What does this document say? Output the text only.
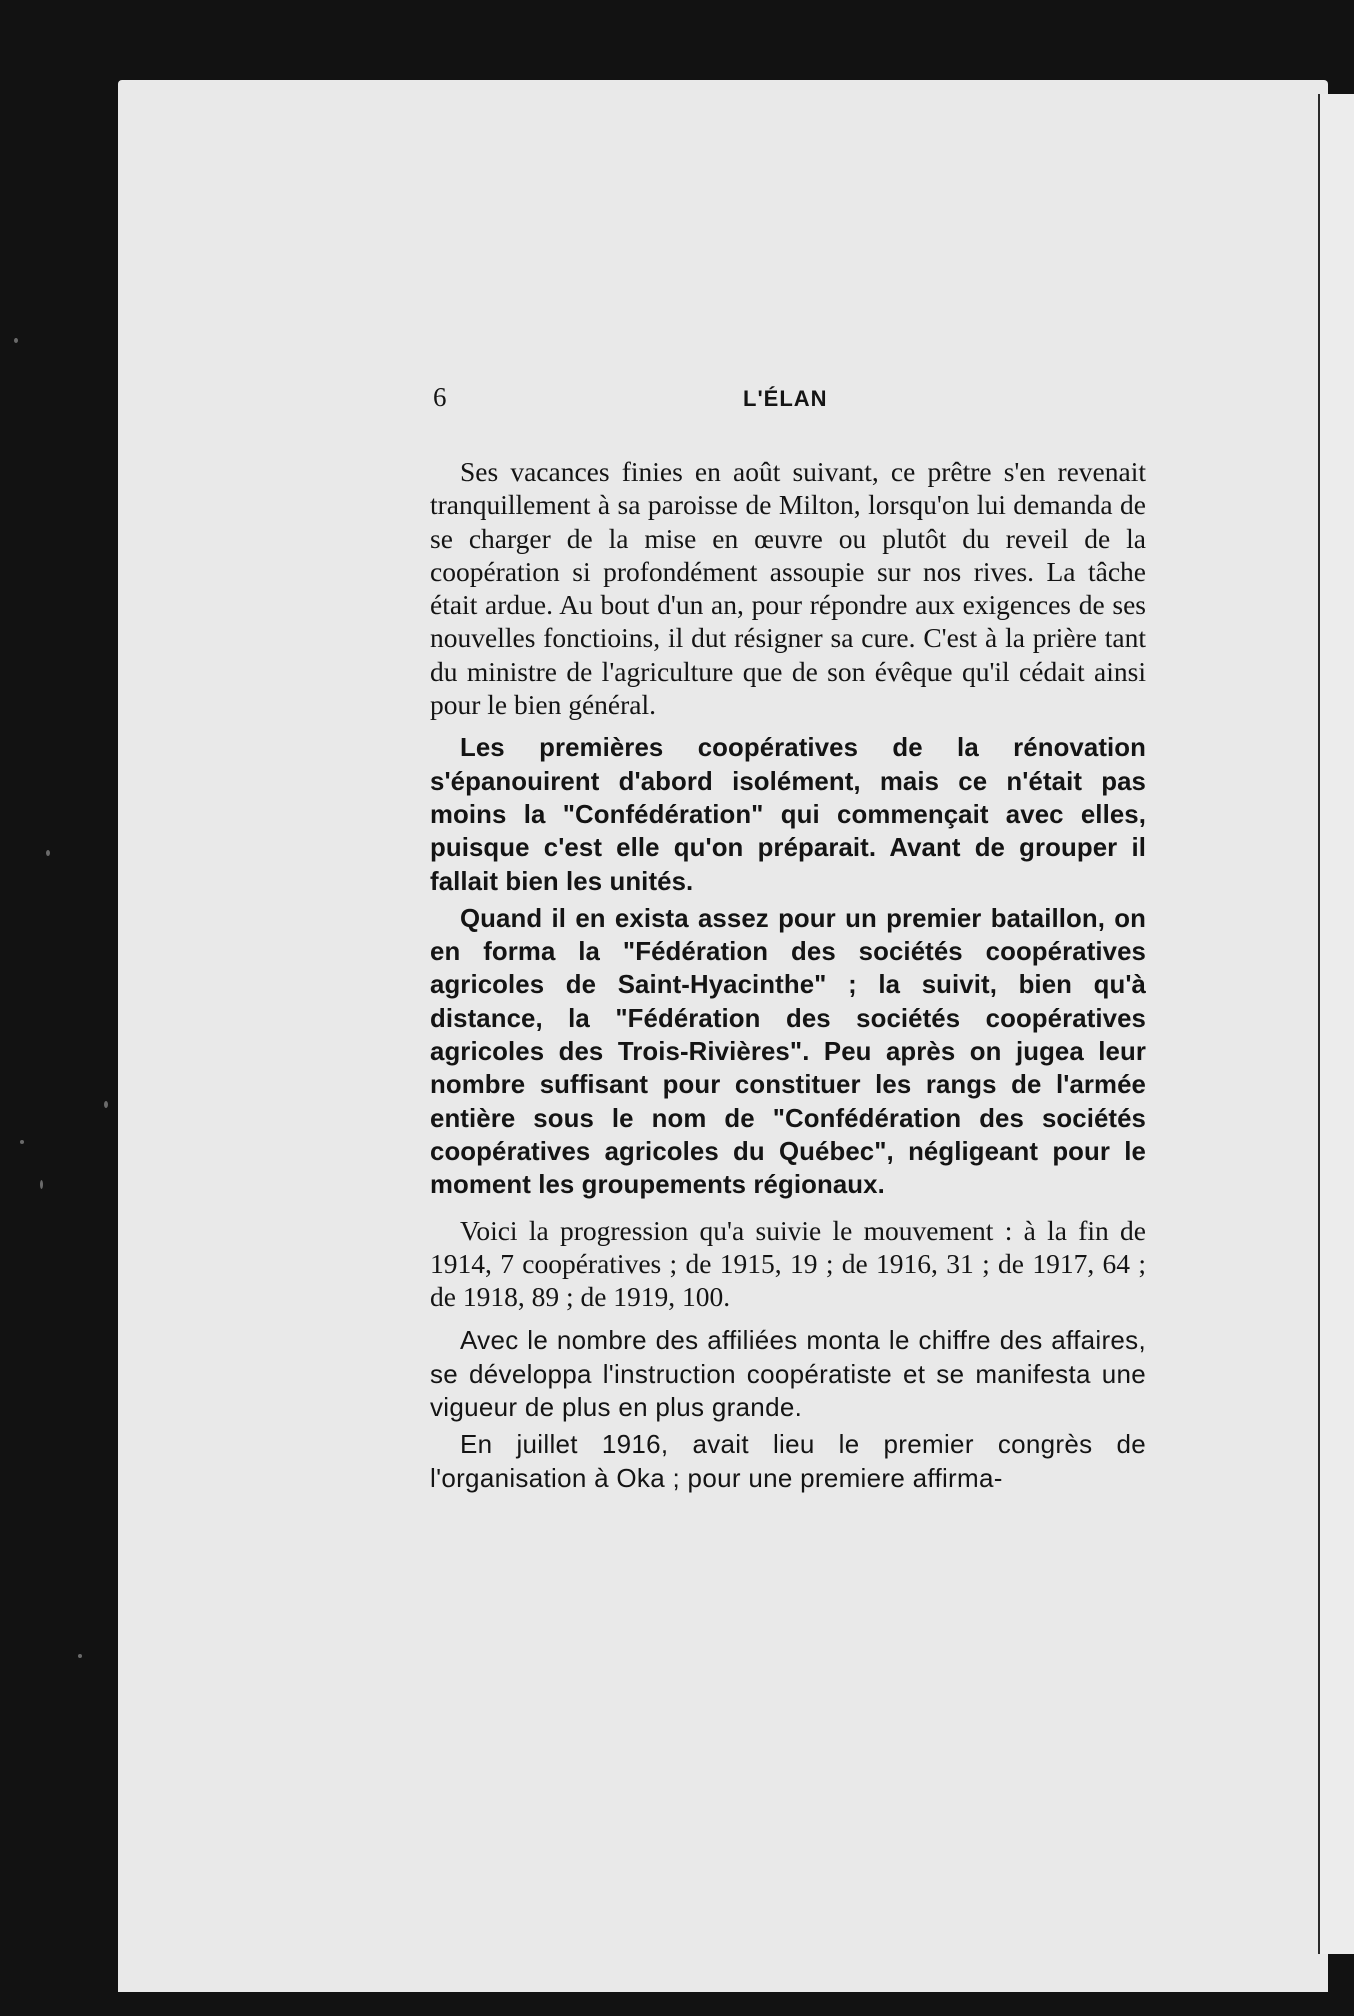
6	L'ÉLAN

Ses vacances finies en août suivant, ce prêtre s'en revenait tranquillement à sa paroisse de Milton, lorsqu'on lui demanda de se charger de la mise en œuvre ou plutôt du reveil de la coopération si profondément assoupie sur nos rives. La tâche était ardue. Au bout d'un an, pour répondre aux exigences de ses nouvelles fonctioins, il dut résigner sa cure. C'est à la prière tant du ministre de l'agriculture que de son évêque qu'il cédait ainsi pour le bien général.

Les premières coopératives de la rénovation s'épanouirent d'abord isolément, mais ce n'était pas moins la "Confédération" qui commençait avec elles, puisque c'est elle qu'on préparait. Avant de grouper il fallait bien les unités.

Quand il en exista assez pour un premier bataillon, on en forma la "Fédération des sociétés coopératives agricoles de Saint-Hyacinthe" ; la suivit, bien qu'à distance, la "Fédération des sociétés coopératives agricoles des Trois-Rivières". Peu après on jugea leur nombre suffisant pour constituer les rangs de l'armée entière sous le nom de "Confédération des sociétés coopératives agricoles du Québec", négligeant pour le moment les groupements régionaux.

Voici la progression qu'a suivie le mouvement : à la fin de 1914, 7 coopératives ; de 1915, 19 ; de 1916, 31 ; de 1917, 64 ; de 1918, 89 ; de 1919, 100.

Avec le nombre des affiliées monta le chiffre des affaires, se développa l'instruction coopératiste et se manifesta une vigueur de plus en plus grande.

En juillet 1916, avait lieu le premier congrès de l'organisation à Oka ; pour une premiere affirma-
